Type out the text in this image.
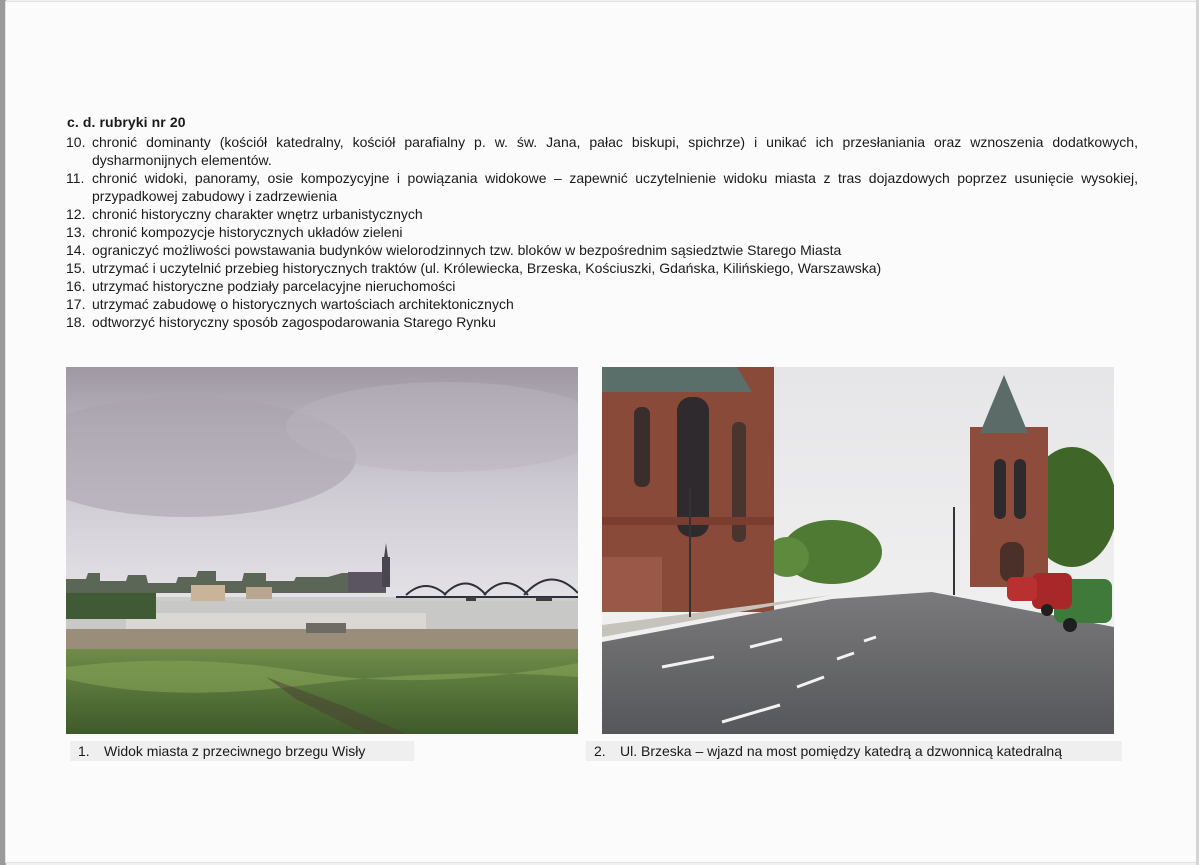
c. d. rubryki nr 20
10. chronić dominanty (kościół katedralny, kościół parafialny p. w. św. Jana, pałac biskupi, spichrze) i unikać ich przesłaniania oraz wznoszenia dodatkowych, dysharmonijnych elementów.
11. chronić widoki, panoramy, osie kompozycyjne i powiązania widokowe – zapewnić uczytelnienie widoku miasta z tras dojazdowych poprzez usunięcie wysokiej, przypadkowej zabudowy i zadrzewienia
12. chronić historyczny charakter wnętrz urbanistycznych
13. chronić kompozycje historycznych układów zieleni
14. ograniczyć możliwości powstawania budynków wielorodzinnych tzw. bloków w bezpośrednim sąsiedztwie Starego Miasta
15. utrzymać i uczytelnić przebieg historycznych traktów (ul. Królewiecka, Brzeska, Kościuszki, Gdańska, Kilińskiego, Warszawska)
16. utrzymać historyczne podziały parcelacyjne nieruchomości
17. utrzymać zabudowę o historycznych wartościach architektonicznych
18. odtworzyć historyczny sposób zagospodarowania Starego Rynku
1. Widok miasta z przeciwnego brzegu Wisły	2. Ul. Brzeska – wjazd na most pomiędzy katedrą a dzwonnicą katedralną
